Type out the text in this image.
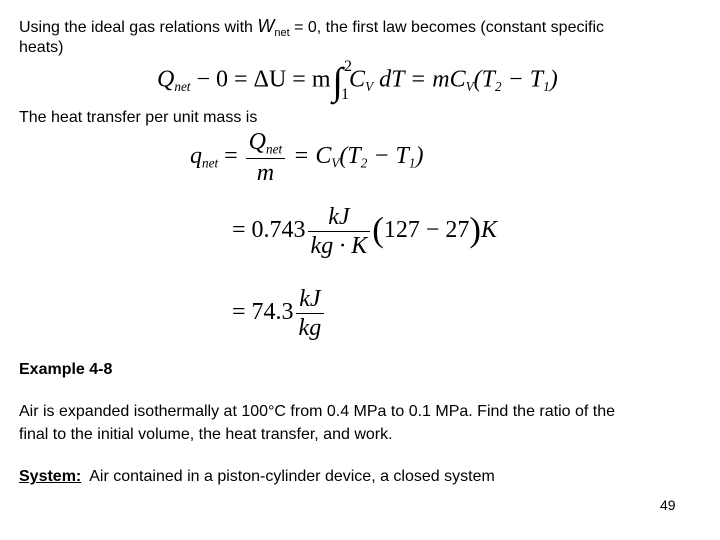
Using the ideal gas relations with $W_{net} = 0$, the first law becomes (constant specific
heats)
$Q_{net} - 0 = \Delta U = m\int$ 2
1
$C_V$ dT = $mC_V(T_2 - T_1)$
The heat transfer per unit mass is
$q_{net} = \frac{Q_{net}}{m} = C_V(T_2 - T_1)$
= $0.743 \frac{kJ}{kg \cdot K} (127 - 27)K$
= $74.3 \frac{kJ}{kg}$
Example 4-8
Air is expanded isothermally at 100°C from 0.4 MPa to 0.1 MPa. Find the ratio of the
final to the initial volume, the heat transfer, and work.
System:  Air contained in a piston-cylinder device, a closed system
49
